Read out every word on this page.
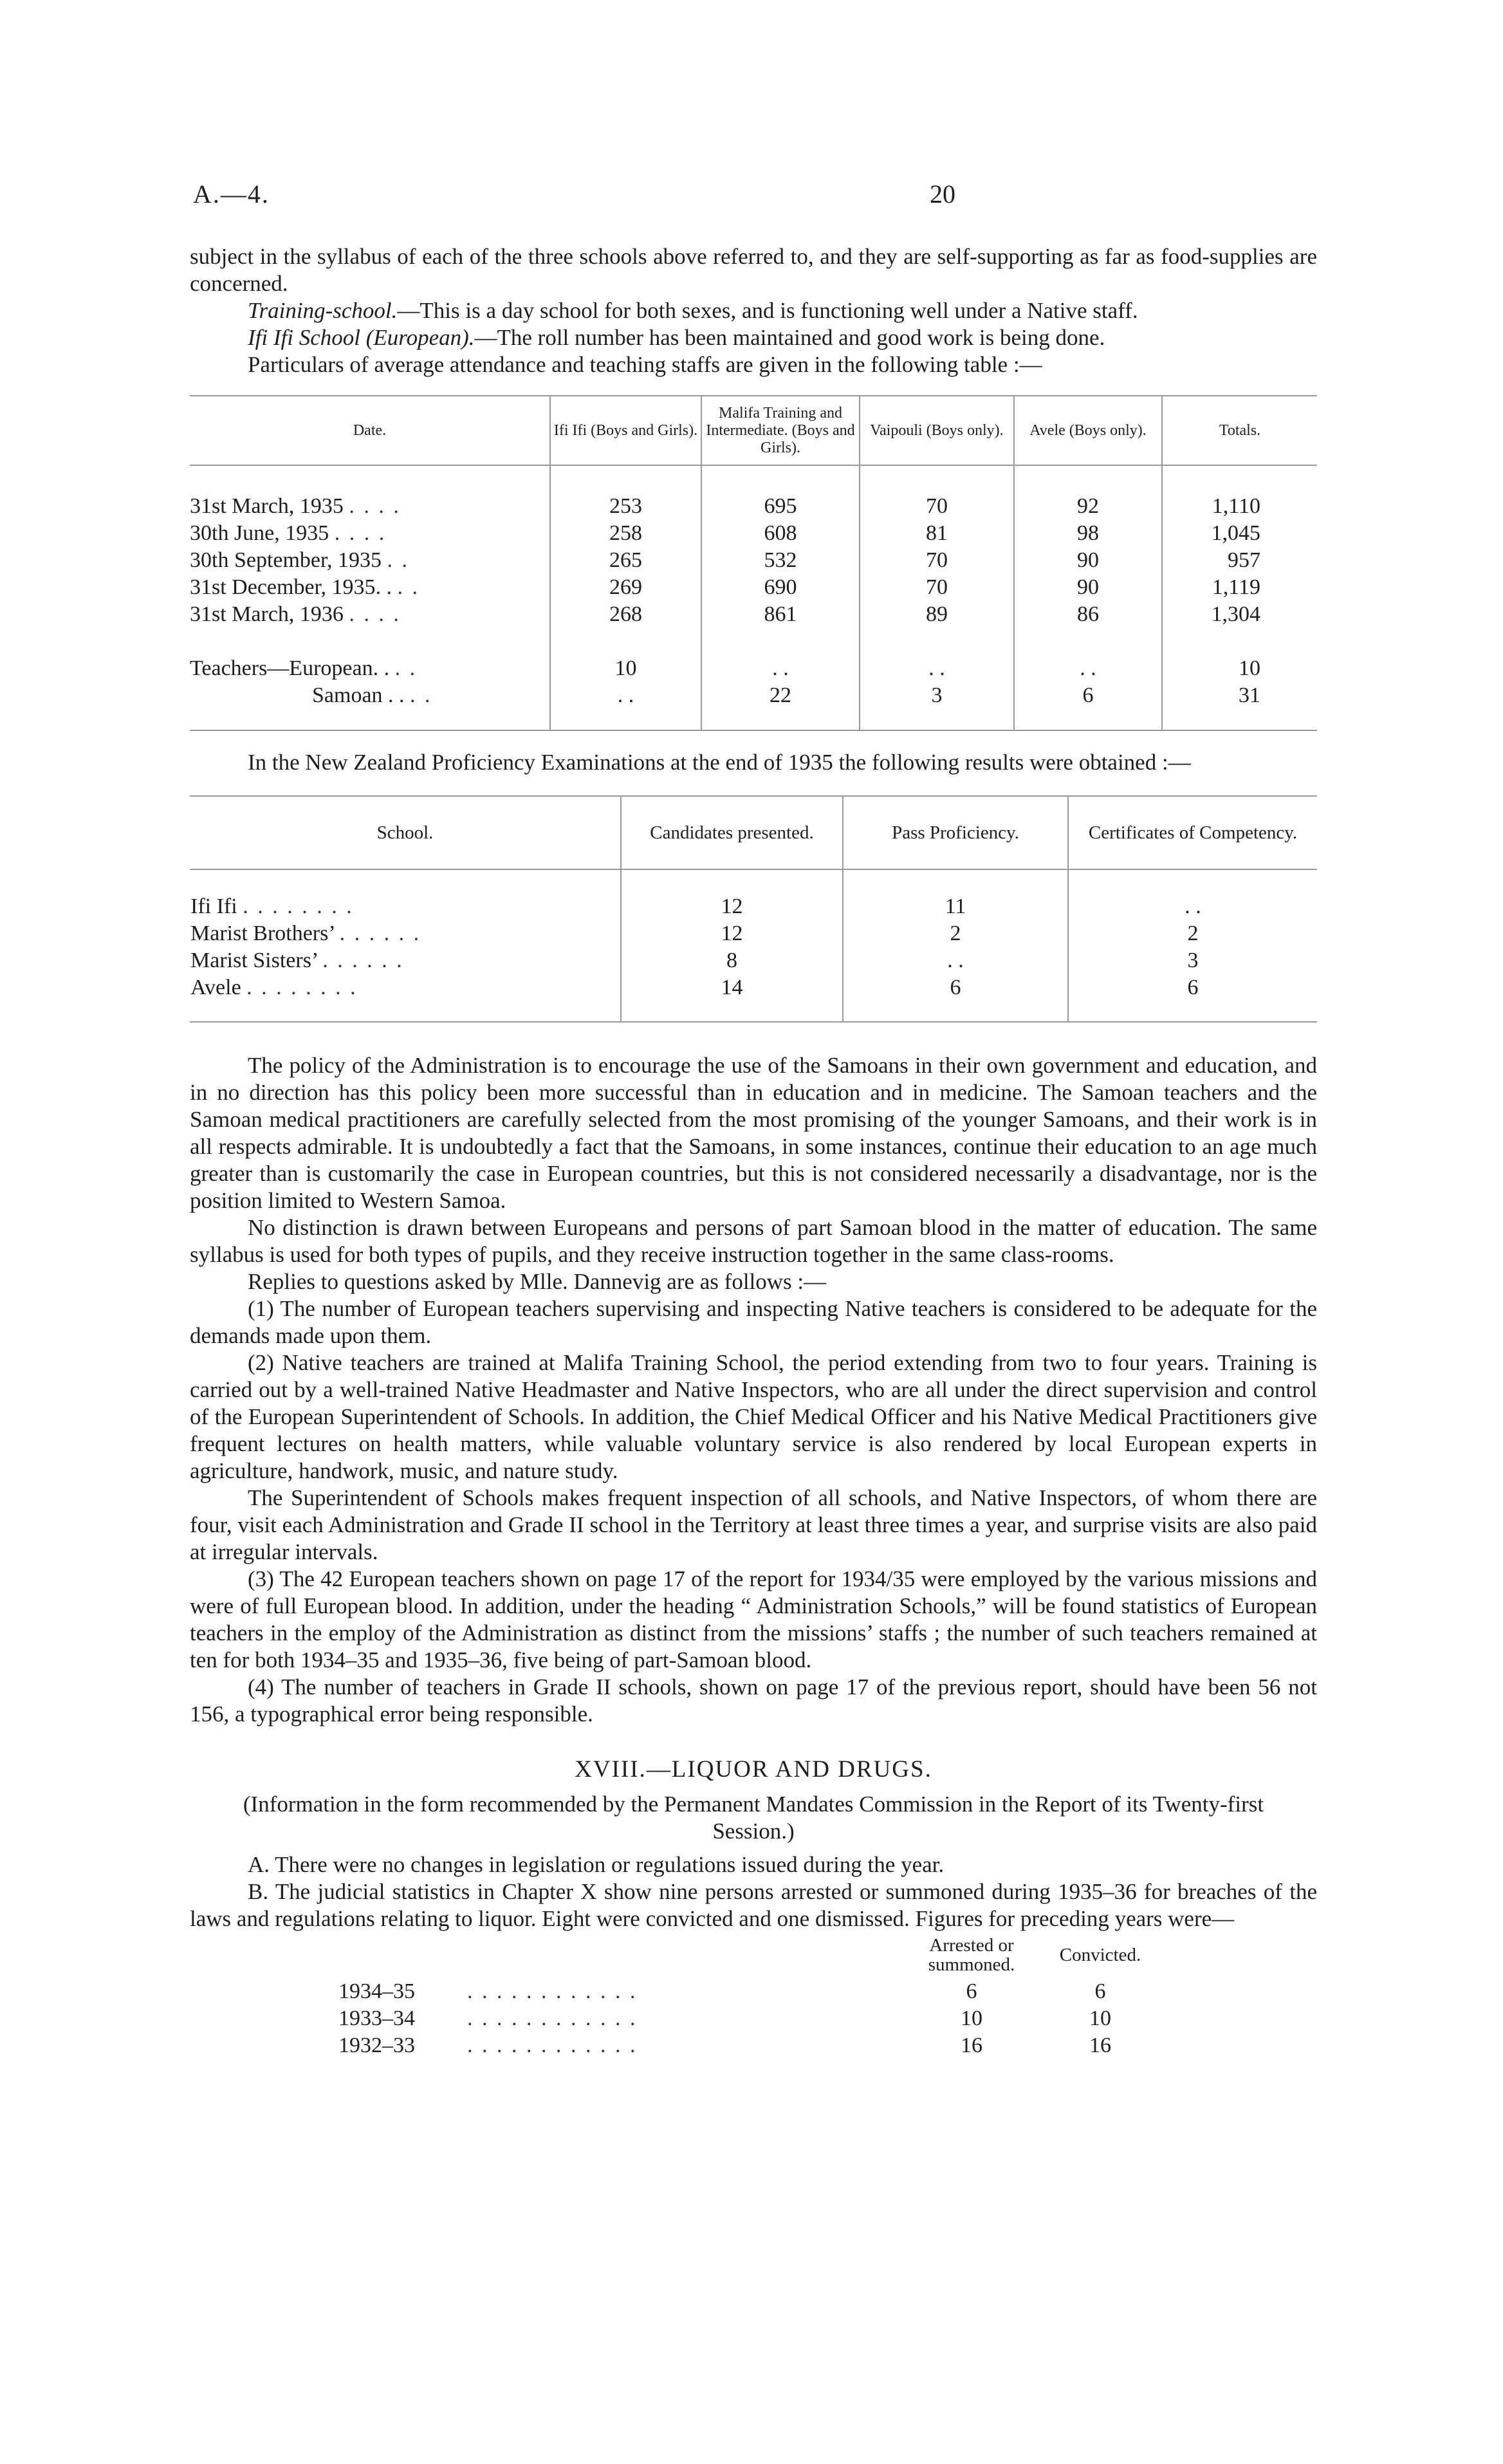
A.—4.	20

subject in the syllabus of each of the three schools above referred to, and they are self-supporting as far as food-supplies are concerned.

Training-school.—This is a day school for both sexes, and is functioning well under a Native staff.

Ifi Ifi School (European).—The roll number has been maintained and good work is being done.

Particulars of average attendance and teaching staffs are given in the following table :—

Date.	Ifi Ifi (Boys and Girls).	Malifa Training and Intermediate. (Boys and Girls).	Vaipouli (Boys only).	Avele (Boys only).	Totals.

31st March, 1935 . . . .	253	695	70	92	1,110
30th June, 1935 . . . .	258	608	81	98	1,045
30th September, 1935 . .	265	532	70	90	957
31st December, 1935. . . .	269	690	70	90	1,119
31st March, 1936 . . . .	268	861	89	86	1,304

Teachers—European. . . .	10	. .	. .	. .	10
Samoan . . . .	. .	22	3	6	31

In the New Zealand Proficiency Examinations at the end of 1935 the following results were obtained :—

School.	Candidates presented.	Pass Proficiency.	Certificates of Competency.

Ifi Ifi . . . . . . . .	12	11	. .
Marist Brothers’ . . . . . .	12	2	2
Marist Sisters’ . . . . . .	8	. .	3
Avele . . . . . . . .	14	6	6

The policy of the Administration is to encourage the use of the Samoans in their own government and education, and in no direction has this policy been more successful than in education and in medicine. The Samoan teachers and the Samoan medical practitioners are carefully selected from the most promising of the younger Samoans, and their work is in all respects admirable. It is undoubtedly a fact that the Samoans, in some instances, continue their education to an age much greater than is customarily the case in European countries, but this is not considered necessarily a disadvantage, nor is the position limited to Western Samoa.

No distinction is drawn between Europeans and persons of part Samoan blood in the matter of education. The same syllabus is used for both types of pupils, and they receive instruction together in the same class-rooms.

Replies to questions asked by Mlle. Dannevig are as follows :—

(1) The number of European teachers supervising and inspecting Native teachers is considered to be adequate for the demands made upon them.

(2) Native teachers are trained at Malifa Training School, the period extending from two to four years. Training is carried out by a well-trained Native Headmaster and Native Inspectors, who are all under the direct supervision and control of the European Superintendent of Schools. In addition, the Chief Medical Officer and his Native Medical Practitioners give frequent lectures on health matters, while valuable voluntary service is also rendered by local European experts in agriculture, handwork, music, and nature study.

The Superintendent of Schools makes frequent inspection of all schools, and Native Inspectors, of whom there are four, visit each Administration and Grade II school in the Territory at least three times a year, and surprise visits are also paid at irregular intervals.

(3) The 42 European teachers shown on page 17 of the report for 1934/35 were employed by the various missions and were of full European blood. In addition, under the heading “ Administration Schools,” will be found statistics of European teachers in the employ of the Administration as distinct from the missions’ staffs ; the number of such teachers remained at ten for both 1934–35 and 1935–36, five being of part-Samoan blood.

(4) The number of teachers in Grade II schools, shown on page 17 of the previous report, should have been 56 not 156, a typographical error being responsible.

XVIII.—LIQUOR AND DRUGS.

(Information in the form recommended by the Permanent Mandates Commission in the Report of its Twenty-first Session.)

A. There were no changes in legislation or regulations issued during the year.

B. The judicial statistics in Chapter X show nine persons arrested or summoned during 1935–36 for breaches of the laws and regulations relating to liquor. Eight were convicted and one dismissed. Figures for preceding years were—

		Arrested or summoned.	Convicted.
1934–35	. . . . . . . . . . . .	6	6
1933–34	. . . . . . . . . . . .	10	10
1932–33	. . . . . . . . . . . .	16	16
